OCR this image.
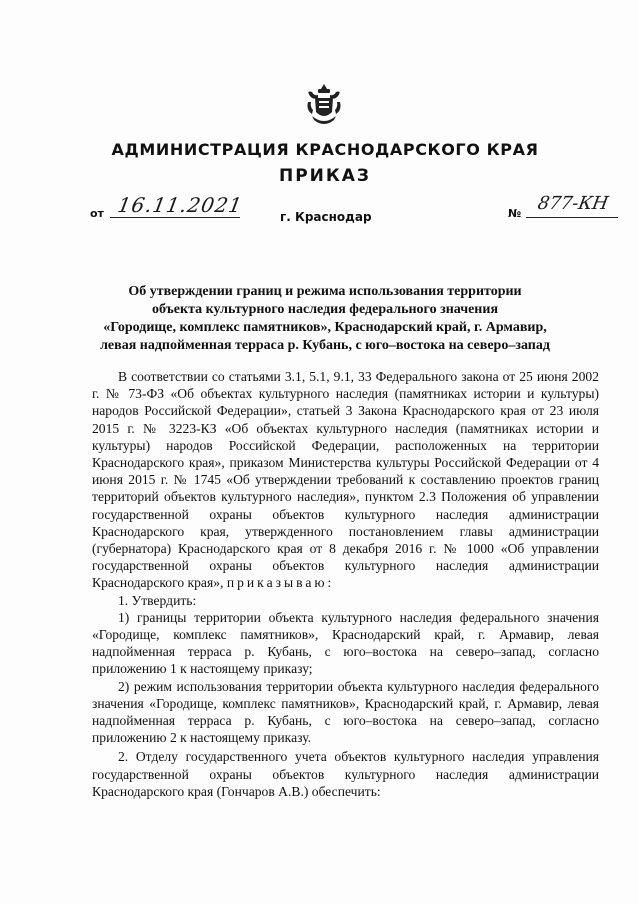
АДМИНИСТРАЦИЯ КРАСНОДАРСКОГО КРАЯ
ПРИКАЗ
от 16.11.2021	г. Краснодар	№ 877-КН
Об утверждении границ и режима использования территории
объекта культурного наследия федерального значения
«Городище, комплекс памятников», Краснодарский край, г. Армавир,
левая надпойменная терраса р. Кубань, с юго–востока на северо–запад

В соответствии со статьями 3.1, 5.1, 9.1, 33 Федерального закона от 25 июня 2002 г. № 73-ФЗ «Об объектах культурного наследия (памятниках истории и культуры) народов Российской Федерации», статьей 3 Закона Краснодарского края от 23 июля 2015 г. № 3223-КЗ «Об объектах культурного наследия (памятниках истории и культуры) народов Российской Федерации, расположенных на территории Краснодарского края», приказом Министерства культуры Российской Федерации от 4 июня 2015 г. № 1745 «Об утверждении требований к составлению проектов границ территорий объектов культурного наследия», пунктом 2.3 Положения об управлении государственной охраны объектов культурного наследия администрации Краснодарского края, утвержденного постановлением главы администрации (губернатора) Краснодарского края от 8 декабря 2016 г. № 1000 «Об управлении государственной охраны объектов культурного наследия администрации Краснодарского края», приказываю:

1. Утвердить:

1) границы территории объекта культурного наследия федерального значения «Городище, комплекс памятников», Краснодарский край, г. Армавир, левая надпойменная терраса р. Кубань, с юго–востока на северо–запад, согласно приложению 1 к настоящему приказу;

2) режим использования территории объекта культурного наследия федерального значения «Городище, комплекс памятников», Краснодарский край, г. Армавир, левая надпойменная терраса р. Кубань, с юго–востока на северо–запад, согласно приложению 2 к настоящему приказу.

2. Отделу государственного учета объектов культурного наследия управления государственной охраны объектов культурного наследия администрации Краснодарского края (Гончаров А.В.) обеспечить:
